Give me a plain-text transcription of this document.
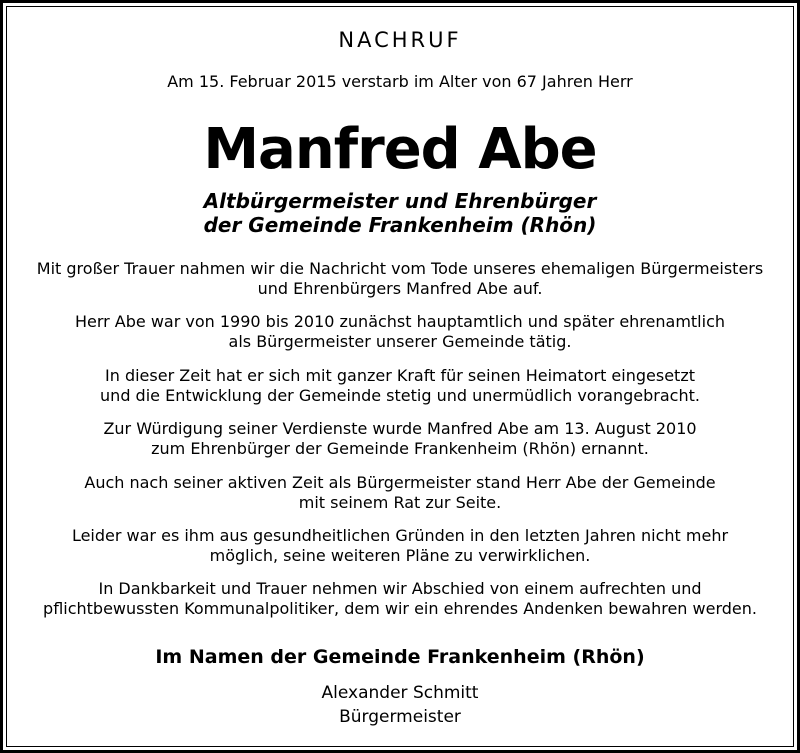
NACHRUF
Am 15. Februar 2015 verstarb im Alter von 67 Jahren Herr
Manfred Abe
Altbürgermeister und Ehrenbürger
der Gemeinde Frankenheim (Rhön)

Mit großer Trauer nahmen wir die Nachricht vom Tode unseres ehemaligen Bürgermeisters
und Ehrenbürgers Manfred Abe auf.

Herr Abe war von 1990 bis 2010 zunächst hauptamtlich und später ehrenamtlich
als Bürgermeister unserer Gemeinde tätig.

In dieser Zeit hat er sich mit ganzer Kraft für seinen Heimatort eingesetzt
und die Entwicklung der Gemeinde stetig und unermüdlich vorangebracht.

Zur Würdigung seiner Verdienste wurde Manfred Abe am 13. August 2010
zum Ehrenbürger der Gemeinde Frankenheim (Rhön) ernannt.

Auch nach seiner aktiven Zeit als Bürgermeister stand Herr Abe der Gemeinde
mit seinem Rat zur Seite.

Leider war es ihm aus gesundheitlichen Gründen in den letzten Jahren nicht mehr
möglich, seine weiteren Pläne zu verwirklichen.

In Dankbarkeit und Trauer nehmen wir Abschied von einem aufrechten und
pflichtbewussten Kommunalpolitiker, dem wir ein ehrendes Andenken bewahren werden.

Im Namen der Gemeinde Frankenheim (Rhön)
Alexander Schmitt
Bürgermeister
